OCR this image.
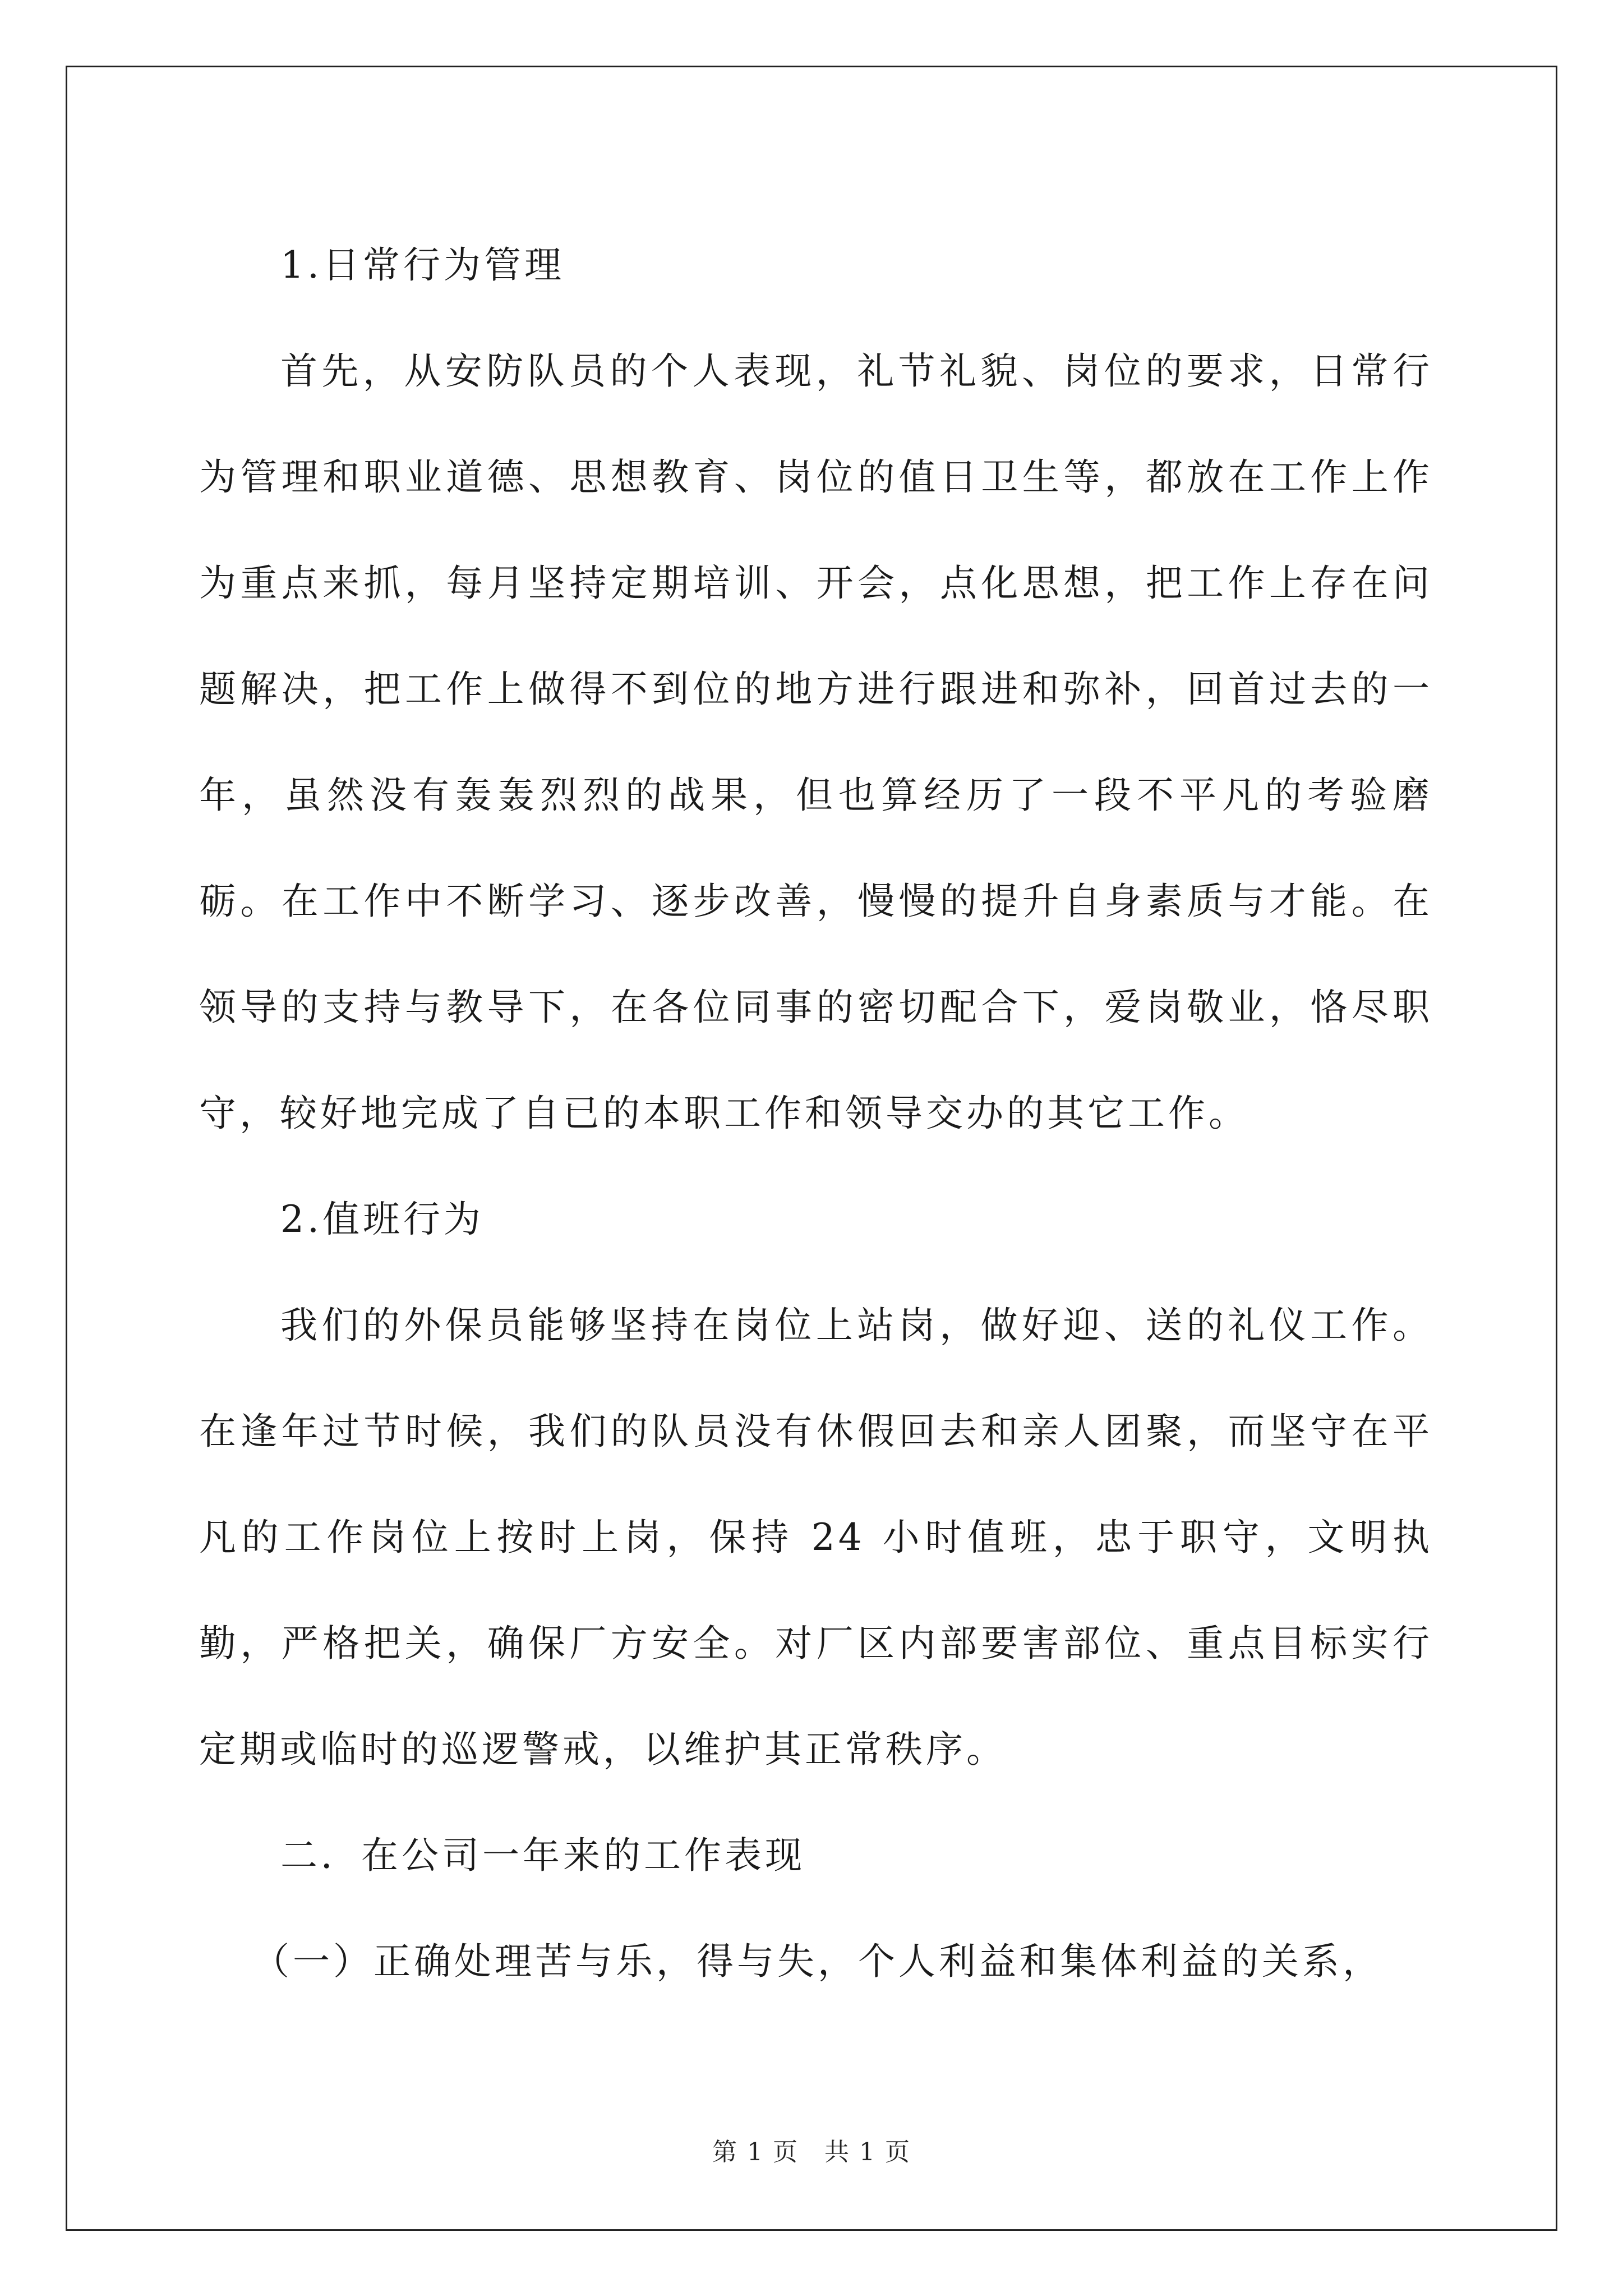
1.日常行为管理

首先，从安防队员的个人表现，礼节礼貌、岗位的要求，日常行为管理和职业道德、思想教育、岗位的值日卫生等，都放在工作上作为重点来抓，每月坚持定期培训、开会，点化思想，把工作上存在问题解决，把工作上做得不到位的地方进行跟进和弥补，回首过去的一年，虽然没有轰轰烈烈的战果，但也算经历了一段不平凡的考验磨砺。在工作中不断学习、逐步改善，慢慢的提升自身素质与才能。在领导的支持与教导下，在各位同事的密切配合下，爱岗敬业，恪尽职守，较好地完成了自已的本职工作和领导交办的其它工作。

2.值班行为

我们的外保员能够坚持在岗位上站岗，做好迎、送的礼仪工作。在逢年过节时候，我们的队员没有休假回去和亲人团聚，而坚守在平凡的工作岗位上按时上岗，保持 24 小时值班，忠于职守，文明执勤，严格把关，确保厂方安全。对厂区内部要害部位、重点目标实行定期或临时的巡逻警戒，以维护其正常秩序。

二．在公司一年来的工作表现

（一）正确处理苦与乐，得与失，个人利益和集体利益的关系，

第 1 页　共 1 页
